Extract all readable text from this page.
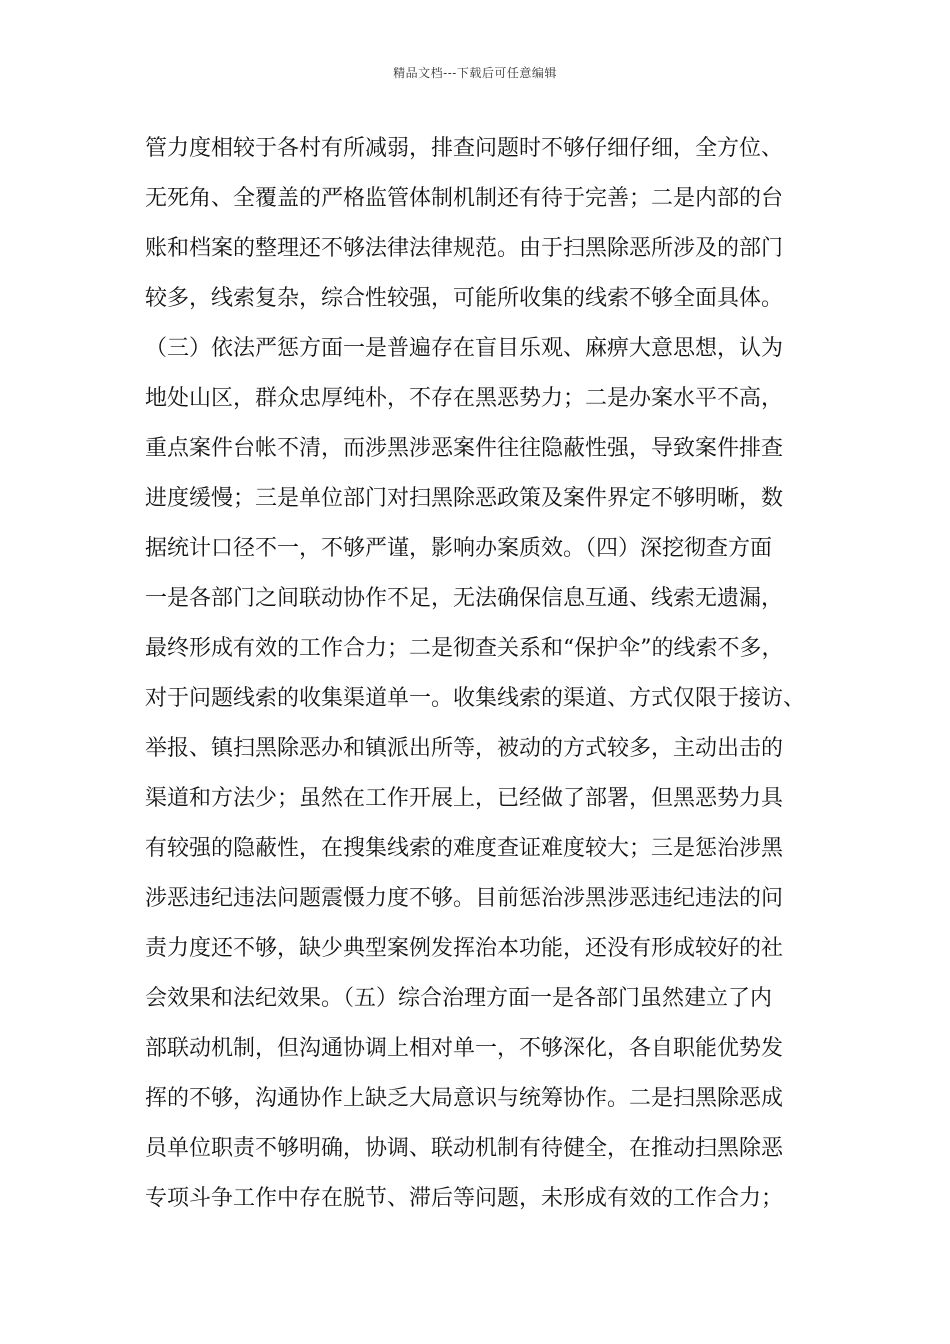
精品文档---下载后可任意编辑
管力度相较于各村有所减弱，排查问题时不够仔细仔细，全方位、
无死角、全覆盖的严格监管体制机制还有待于完善；二是内部的台
账和档案的整理还不够法律法律规范。由于扫黑除恶所涉及的部门
较多，线索复杂，综合性较强，可能所收集的线索不够全面具体。
（三）依法严惩方面一是普遍存在盲目乐观、麻痹大意思想，认为
地处山区，群众忠厚纯朴，不存在黑恶势力；二是办案水平不高，
重点案件台帐不清，而涉黑涉恶案件往往隐蔽性强，导致案件排查
进度缓慢；三是单位部门对扫黑除恶政策及案件界定不够明晰，数
据统计口径不一，不够严谨，影响办案质效。（四）深挖彻查方面
一是各部门之间联动协作不足，无法确保信息互通、线索无遗漏，
最终形成有效的工作合力；二是彻查关系和“保护伞”的线索不多，
对于问题线索的收集渠道单一。收集线索的渠道、方式仅限于接访、
举报、镇扫黑除恶办和镇派出所等，被动的方式较多，主动出击的
渠道和方法少；虽然在工作开展上，已经做了部署，但黑恶势力具
有较强的隐蔽性，在搜集线索的难度查证难度较大；三是惩治涉黑
涉恶违纪违法问题震慑力度不够。目前惩治涉黑涉恶违纪违法的问
责力度还不够，缺少典型案例发挥治本功能，还没有形成较好的社
会效果和法纪效果。（五）综合治理方面一是各部门虽然建立了内
部联动机制，但沟通协调上相对单一，不够深化，各自职能优势发
挥的不够，沟通协作上缺乏大局意识与统筹协作。二是扫黑除恶成
员单位职责不够明确，协调、联动机制有待健全，在推动扫黑除恶
专项斗争工作中存在脱节、滞后等问题，未形成有效的工作合力；
